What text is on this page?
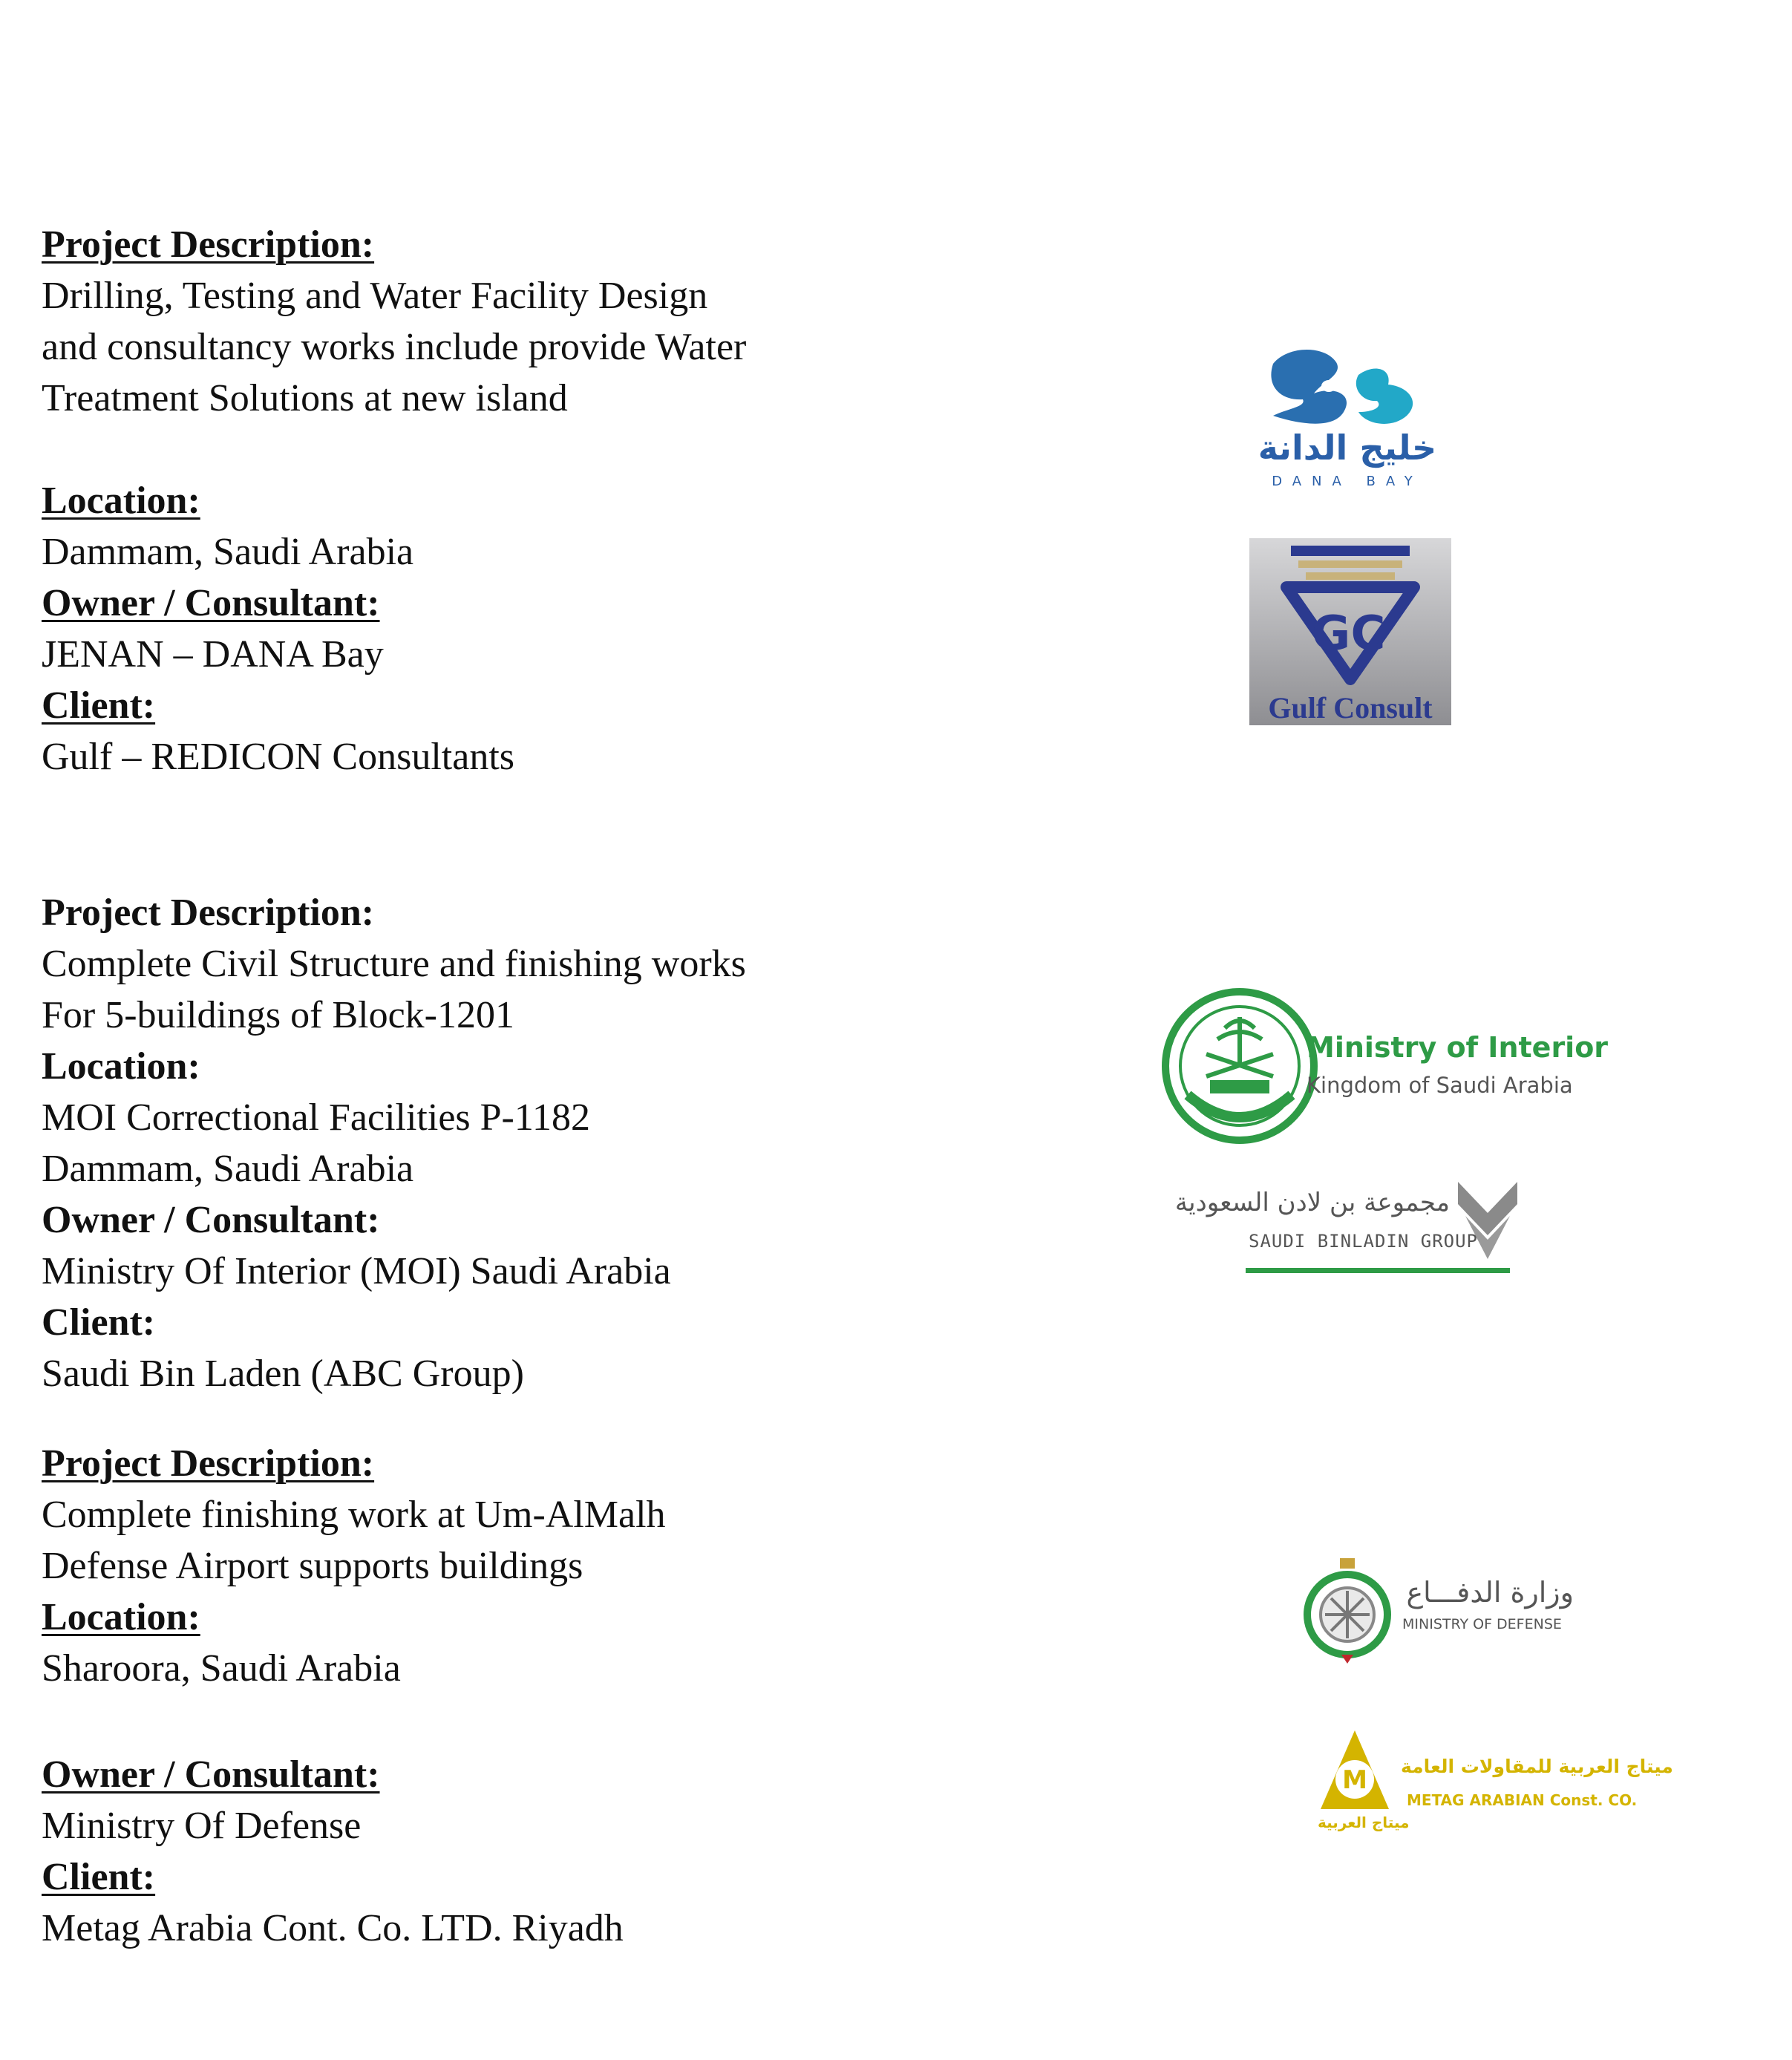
Project Description:
Drilling, Testing and Water Facility Design
and consultancy works include provide Water
Treatment Solutions at new island

Location:
Dammam, Saudi Arabia
Owner / Consultant:
JENAN – DANA Bay
Client:
Gulf – REDICON Consultants
Project Description:
Complete Civil Structure and finishing works
For 5-buildings of Block-1201
Location:
MOI Correctional Facilities P-1182
Dammam, Saudi Arabia
Owner / Consultant:
Ministry Of Interior (MOI) Saudi Arabia
Client:
Saudi Bin Laden (ABC Group)
Project Description:
Complete finishing work at Um-AlMalh
Defense Airport supports buildings
Location:
Sharoora, Saudi Arabia

Owner / Consultant:
Ministry Of Defense
Client:
Metag Arabia Cont. Co. LTD. Riyadh
خليج الدانة
DANA BAY
G C
Gulf Consult
Ministry of Interior
Kingdom of Saudi Arabia
مجموعة بن لادن السعودية
SAUDI BINLADIN GROUP
وزارة الدفـــاع
MINISTRY OF DEFENSE
M
ميتاج العربية
ميتاج العربية للمقاولات العامة
METAG ARABIAN Const. CO.
